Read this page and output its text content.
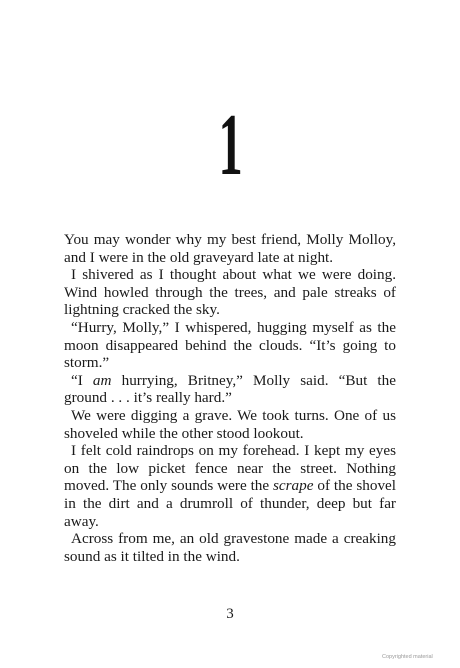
1

You may wonder why my best friend, Molly Molloy, and I were in the old graveyard late at night.

I shivered as I thought about what we were doing. Wind howled through the trees, and pale streaks of lightning cracked the sky.

“Hurry, Molly,” I whispered, hugging myself as the moon disappeared behind the clouds. “It’s going to storm.”

“I am hurrying, Britney,” Molly said. “But the ground . . . it’s really hard.”

We were digging a grave. We took turns. One of us shoveled while the other stood lookout.

I felt cold raindrops on my forehead. I kept my eyes on the low picket fence near the street. Nothing moved. The only sounds were the scrape of the shovel in the dirt and a drumroll of thunder, deep but far away.

Across from me, an old gravestone made a creaking sound as it tilted in the wind.

3
Copyrighted material
